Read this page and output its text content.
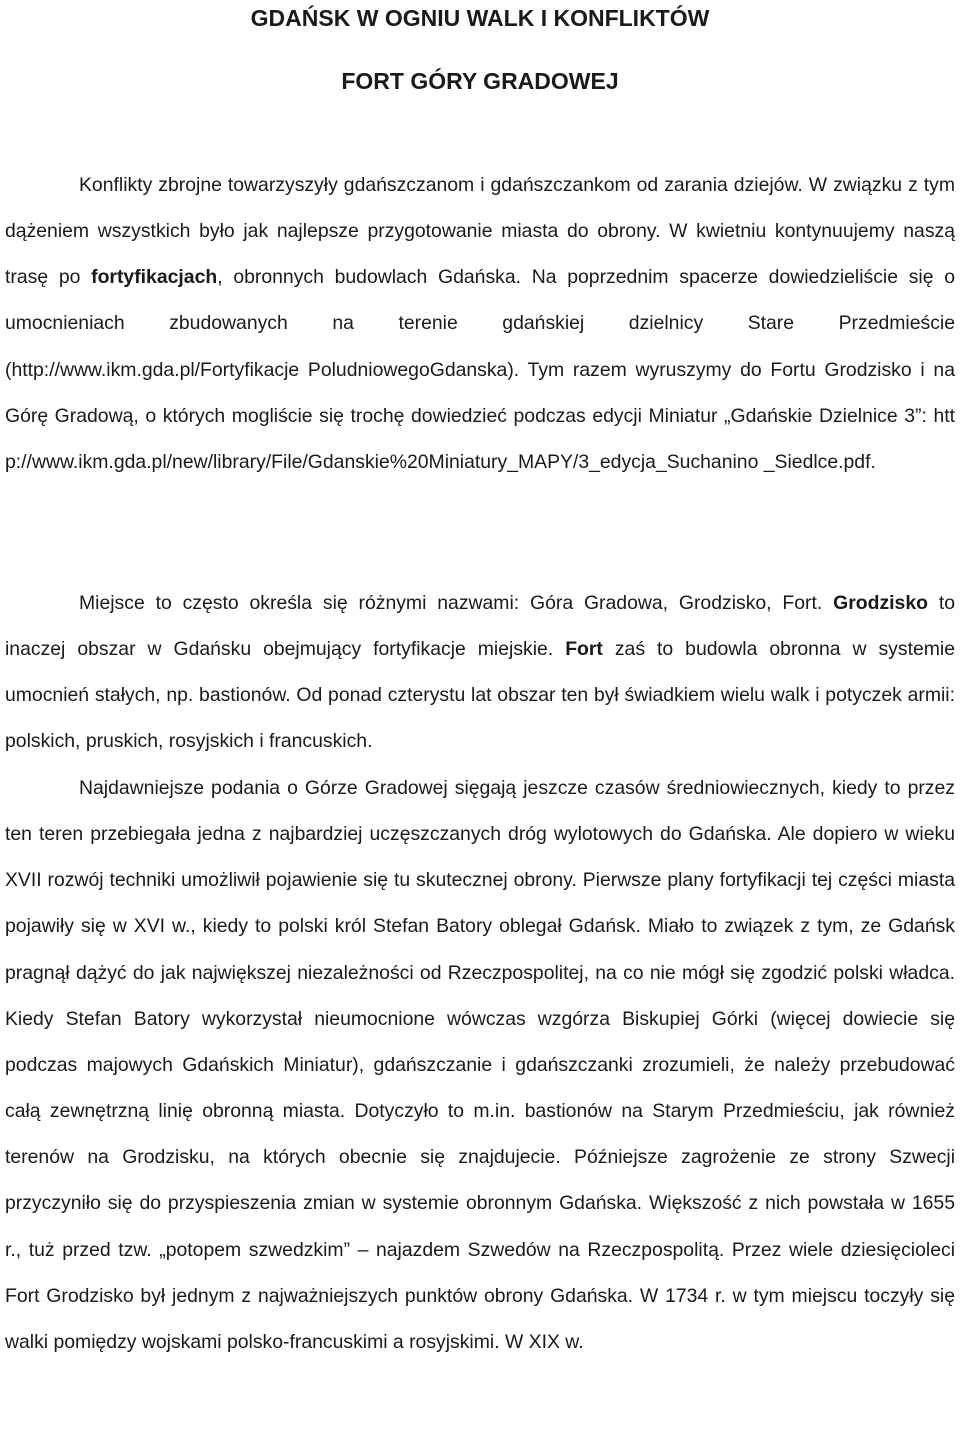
GDAŃSK W OGNIU WALK I KONFLIKTÓW
FORT GÓRY GRADOWEJ

Konflikty zbrojne towarzyszyły gdańszczanom i gdańszczankom od zarania dziejów. W związku z tym dążeniem wszystkich było jak najlepsze przygotowanie miasta do obrony. W kwietniu kontynuujemy naszą trasę po fortyfikacjach, obronnych budowlach Gdańska. Na poprzednim spacerze dowiedzieliście się o umocnieniach zbudowanych na terenie gdańskiej dzielnicy Stare Przedmieście (http://www.ikm.gda.pl/Fortyfikacje PoludniowegoGdanska). Tym razem wyruszymy do Fortu Grodzisko i na Górę Gradową, o których mogliście się trochę dowiedzieć podczas edycji Miniatur „Gdańskie Dzielnice 3”: http://www.ikm.gda.pl/new/library/File/Gdanskie%20Miniatury_MAPY/3_edycja_Suchanino _Siedlce.pdf.

Miejsce to często określa się różnymi nazwami: Góra Gradowa, Grodzisko, Fort. Grodzisko to inaczej obszar w Gdańsku obejmujący fortyfikacje miejskie. Fort zaś to budowla obronna w systemie umocnień stałych, np. bastionów. Od ponad czterystu lat obszar ten był świadkiem wielu walk i potyczek armii: polskich, pruskich, rosyjskich i francuskich.

Najdawniejsze podania o Górze Gradowej sięgają jeszcze czasów średniowiecznych, kiedy to przez ten teren przebiegała jedna z najbardziej uczęszczanych dróg wylotowych do Gdańska. Ale dopiero w wieku XVII rozwój techniki umożliwił pojawienie się tu skutecznej obrony. Pierwsze plany fortyfikacji tej części miasta pojawiły się w XVI w., kiedy to polski król Stefan Batory oblegał Gdańsk. Miało to związek z tym, ze Gdańsk pragnął dążyć do jak największej niezależności od Rzeczpospolitej, na co nie mógł się zgodzić polski władca. Kiedy Stefan Batory wykorzystał nieumocnione wówczas wzgórza Biskupiej Górki (więcej dowiecie się podczas majowych Gdańskich Miniatur), gdańszczanie i gdańszczanki zrozumieli, że należy przebudować całą zewnętrzną linię obronną miasta. Dotyczyło to m.in. bastionów na Starym Przedmieściu, jak również terenów na Grodzisku, na których obecnie się znajdujecie. Późniejsze zagrożenie ze strony Szwecji przyczyniło się do przyspieszenia zmian w systemie obronnym Gdańska. Większość z nich powstała w 1655 r., tuż przed tzw. „potopem szwedzkim” – najazdem Szwedów na Rzeczpospolitą. Przez wiele dziesięcioleci Fort Grodzisko był jednym z najważniejszych punktów obrony Gdańska. W 1734 r. w tym miejscu toczyły się walki pomiędzy wojskami polsko-francuskimi a rosyjskimi. W XIX w.
